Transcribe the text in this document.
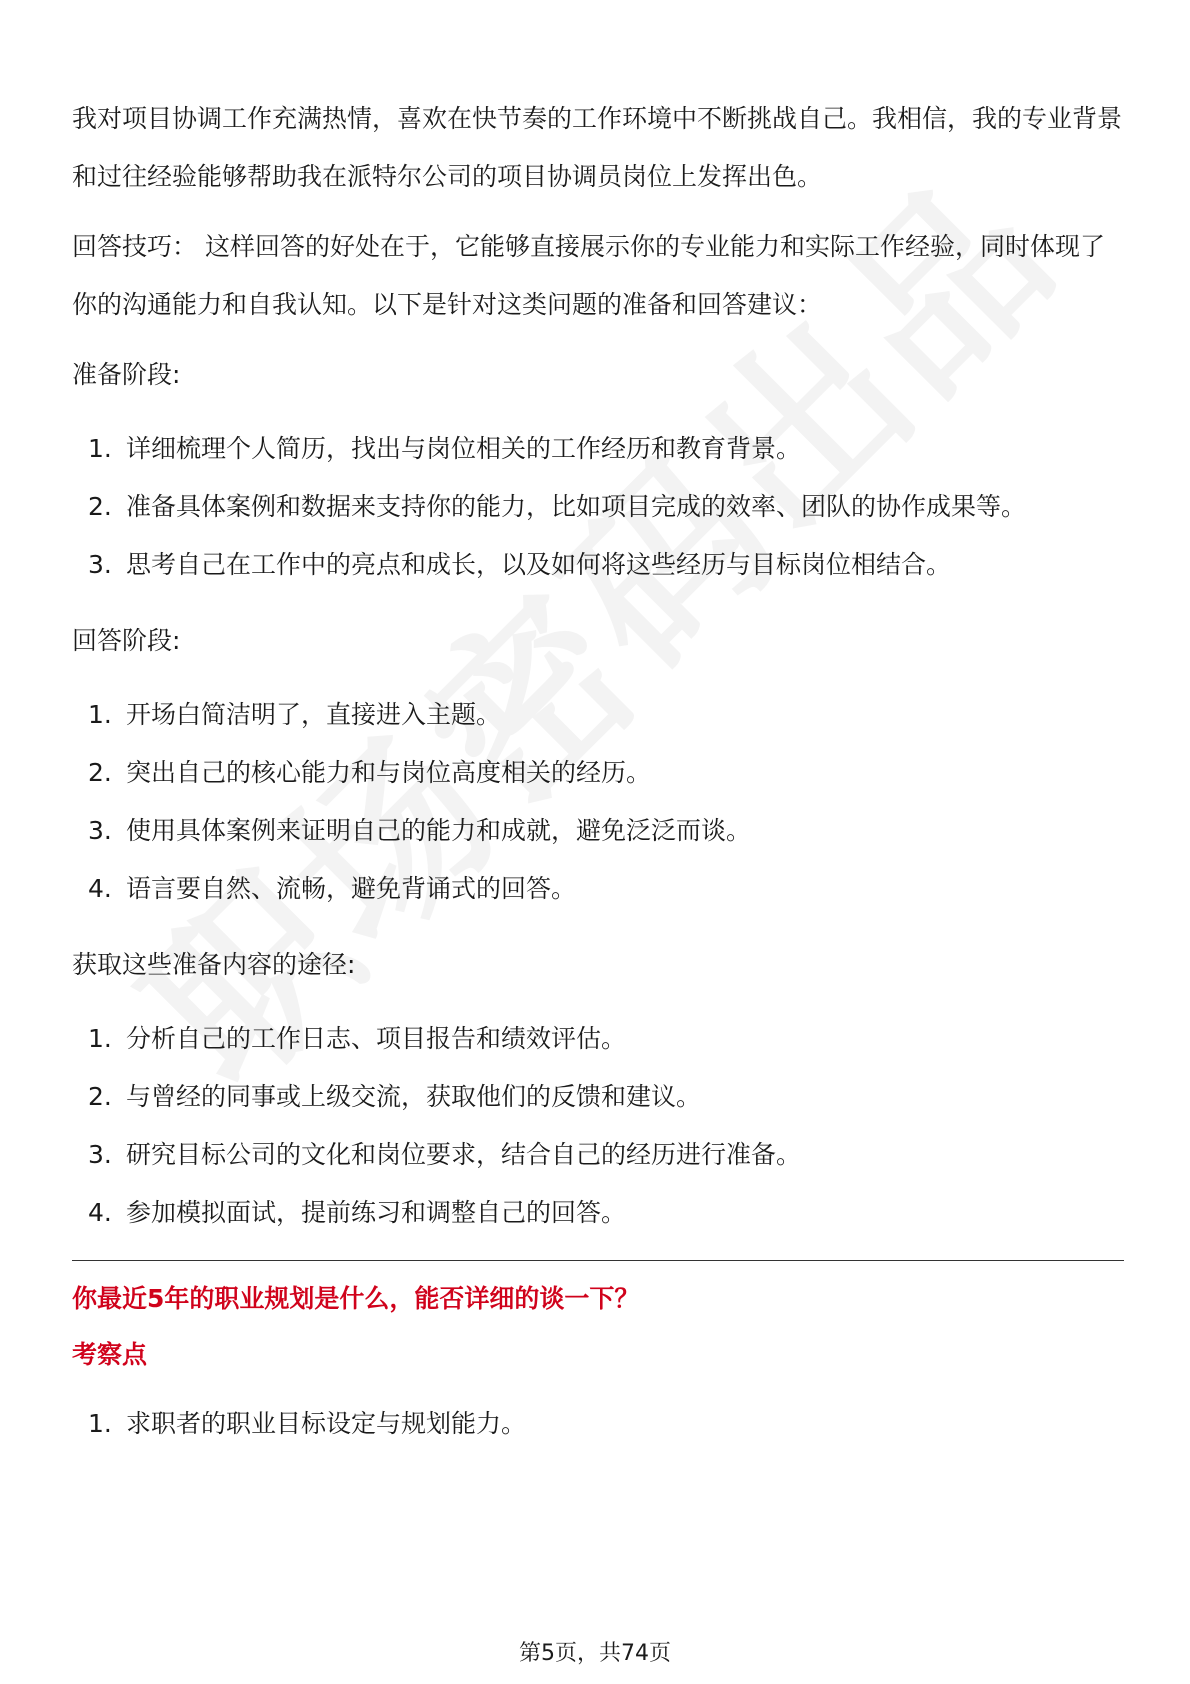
我对项目协调工作充满热情，喜欢在快节奏的工作环境中不断挑战自己。我相信，我的专业背景和过往经验能够帮助我在派特尔公司的项目协调员岗位上发挥出色。

回答技巧： 这样回答的好处在于，它能够直接展示你的专业能力和实际工作经验，同时体现了你的沟通能力和自我认知。以下是针对这类问题的准备和回答建议：

准备阶段:
1. 详细梳理个人简历，找出与岗位相关的工作经历和教育背景。
2. 准备具体案例和数据来支持你的能力，比如项目完成的效率、团队的协作成果等。
3. 思考自己在工作中的亮点和成长，以及如何将这些经历与目标岗位相结合。
回答阶段:
1. 开场白简洁明了，直接进入主题。
2. 突出自己的核心能力和与岗位高度相关的经历。
3. 使用具体案例来证明自己的能力和成就，避免泛泛而谈。
4. 语言要自然、流畅，避免背诵式的回答。
获取这些准备内容的途径:
1. 分析自己的工作日志、项目报告和绩效评估。
2. 与曾经的同事或上级交流，获取他们的反馈和建议。
3. 研究目标公司的文化和岗位要求，结合自己的经历进行准备。
4. 参加模拟面试，提前练习和调整自己的回答。

你最近5年的职业规划是什么，能否详细的谈一下？

考察点

1. 求职者的职业目标设定与规划能力。
第5页，共74页
